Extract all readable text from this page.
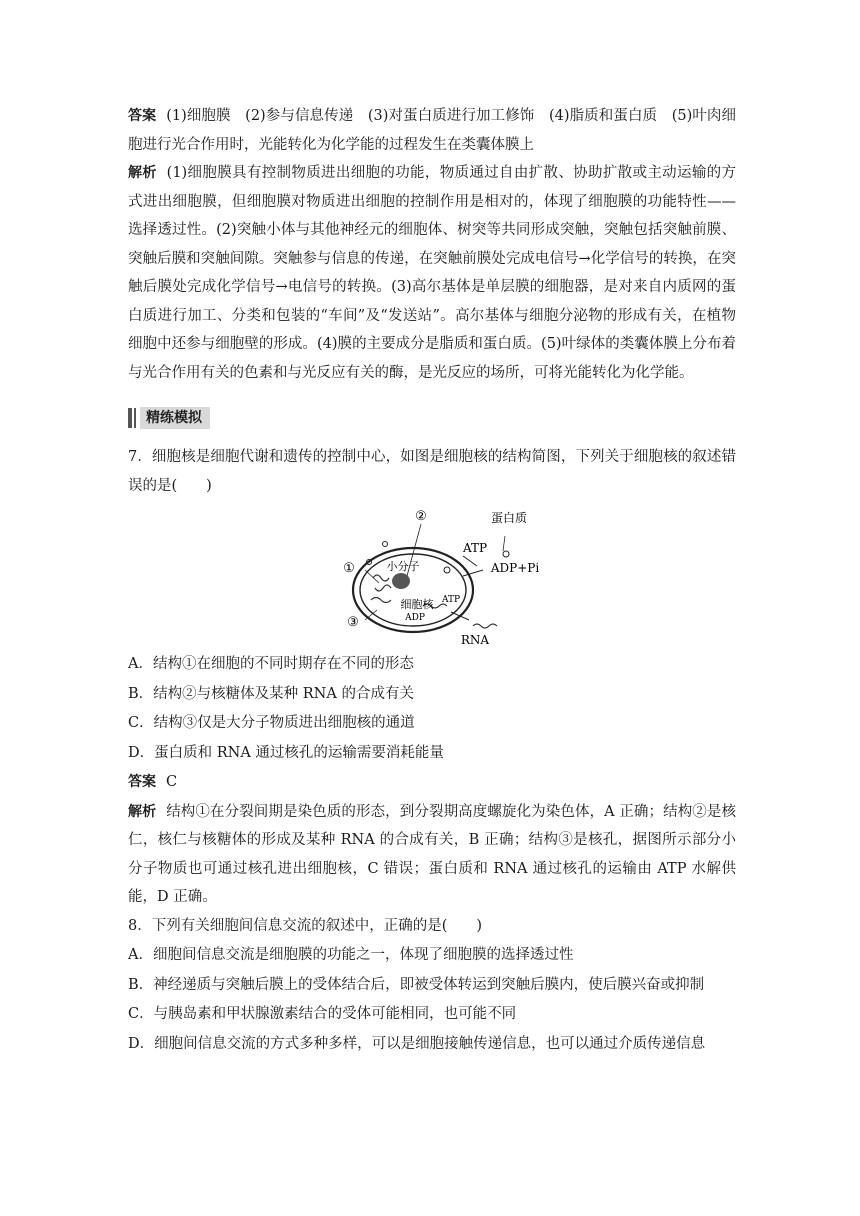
答案 (1)细胞膜　(2)参与信息传递　(3)对蛋白质进行加工修饰　(4)脂质和蛋白质　(5)叶肉细胞进行光合作用时，光能转化为化学能的过程发生在类囊体膜上

解析 (1)细胞膜具有控制物质进出细胞的功能，物质通过自由扩散、协助扩散或主动运输的方式进出细胞膜，但细胞膜对物质进出细胞的控制作用是相对的，体现了细胞膜的功能特性——选择透过性。(2)突触小体与其他神经元的细胞体、树突等共同形成突触，突触包括突触前膜、突触后膜和突触间隙。突触参与信息的传递，在突触前膜处完成电信号→化学信号的转换，在突触后膜处完成化学信号→电信号的转换。(3)高尔基体是单层膜的细胞器，是对来自内质网的蛋白质进行加工、分类和包装的“车间”及“发送站”。高尔基体与细胞分泌物的形成有关，在植物细胞中还参与细胞壁的形成。(4)膜的主要成分是脂质和蛋白质。(5)叶绿体的类囊体膜上分布着与光合作用有关的色素和与光反应有关的酶，是光反应的场所，可将光能转化为化学能。

精练模拟

7．细胞核是细胞代谢和遗传的控制中心，如图是细胞核的结构简图，下列关于细胞核的叙述错误的是(　　)

②	蛋白质
ATP
ADP+Pi
①	小分子
细胞核 ATP
ADP
③
RNA

A．结构①在细胞的不同时期存在不同的形态

B．结构②与核糖体及某种 RNA 的合成有关

C．结构③仅是大分子物质进出细胞核的通道

D．蛋白质和 RNA 通过核孔的运输需要消耗能量

答案 C

解析 结构①在分裂间期是染色质的形态，到分裂期高度螺旋化为染色体，A 正确；结构②是核仁，核仁与核糖体的形成及某种 RNA 的合成有关，B 正确；结构③是核孔，据图所示部分小分子物质也可通过核孔进出细胞核，C 错误；蛋白质和 RNA 通过核孔的运输由 ATP 水解供能，D 正确。

8．下列有关细胞间信息交流的叙述中，正确的是(　　)

A．细胞间信息交流是细胞膜的功能之一，体现了细胞膜的选择透过性

B．神经递质与突触后膜上的受体结合后，即被受体转运到突触后膜内，使后膜兴奋或抑制

C．与胰岛素和甲状腺激素结合的受体可能相同，也可能不同

D．细胞间信息交流的方式多种多样，可以是细胞接触传递信息，也可以通过介质传递信息
